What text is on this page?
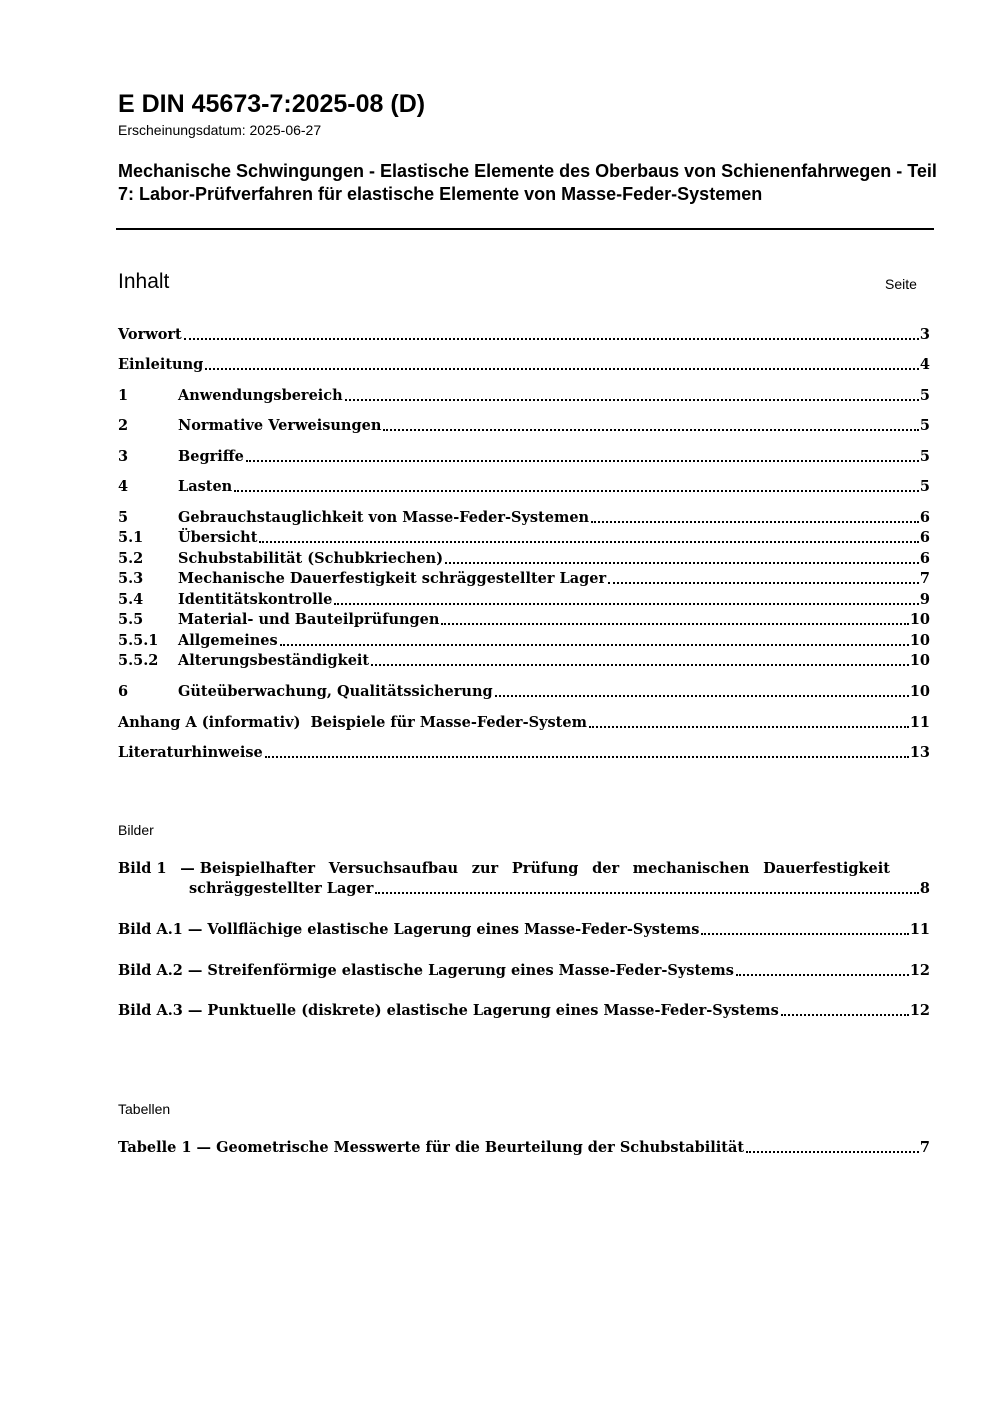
E DIN 45673-7:2025-08 (D)
Erscheinungsdatum: 2025-06-27
Mechanische Schwingungen - Elastische Elemente des Oberbaus von Schienenfahrwegen - Teil 7: Labor-Prüfverfahren für elastische Elemente von Masse-Feder-Systemen
Inhalt	Seite
Vorwort	3
Einleitung	4
1	Anwendungsbereich	5
2	Normative Verweisungen	5
3	Begriffe	5
4	Lasten	5
5	Gebrauchstauglichkeit von Masse-Feder-Systemen	6
5.1	Übersicht	6
5.2	Schubstabilität (Schubkriechen)	6
5.3	Mechanische Dauerfestigkeit schräggestellter Lager	7
5.4	Identitätskontrolle	9
5.5	Material- und Bauteilprüfungen	10
5.5.1	Allgemeines	10
5.5.2	Alterungsbeständigkeit	10
6	Güteüberwachung, Qualitätssicherung	10
Anhang A (informativ)  Beispiele für Masse-Feder-System	11
Literaturhinweise	13
Bilder
Bild 1 — Beispielhafter Versuchsaufbau zur Prüfung der mechanischen Dauerfestigkeit
schräggestellter Lager	8
Bild A.1 — Vollflächige elastische Lagerung eines Masse-Feder-Systems	11
Bild A.2 — Streifenförmige elastische Lagerung eines Masse-Feder-Systems	12
Bild A.3 — Punktuelle (diskrete) elastische Lagerung eines Masse-Feder-Systems	12
Tabellen
Tabelle 1 — Geometrische Messwerte für die Beurteilung der Schubstabilität	7
